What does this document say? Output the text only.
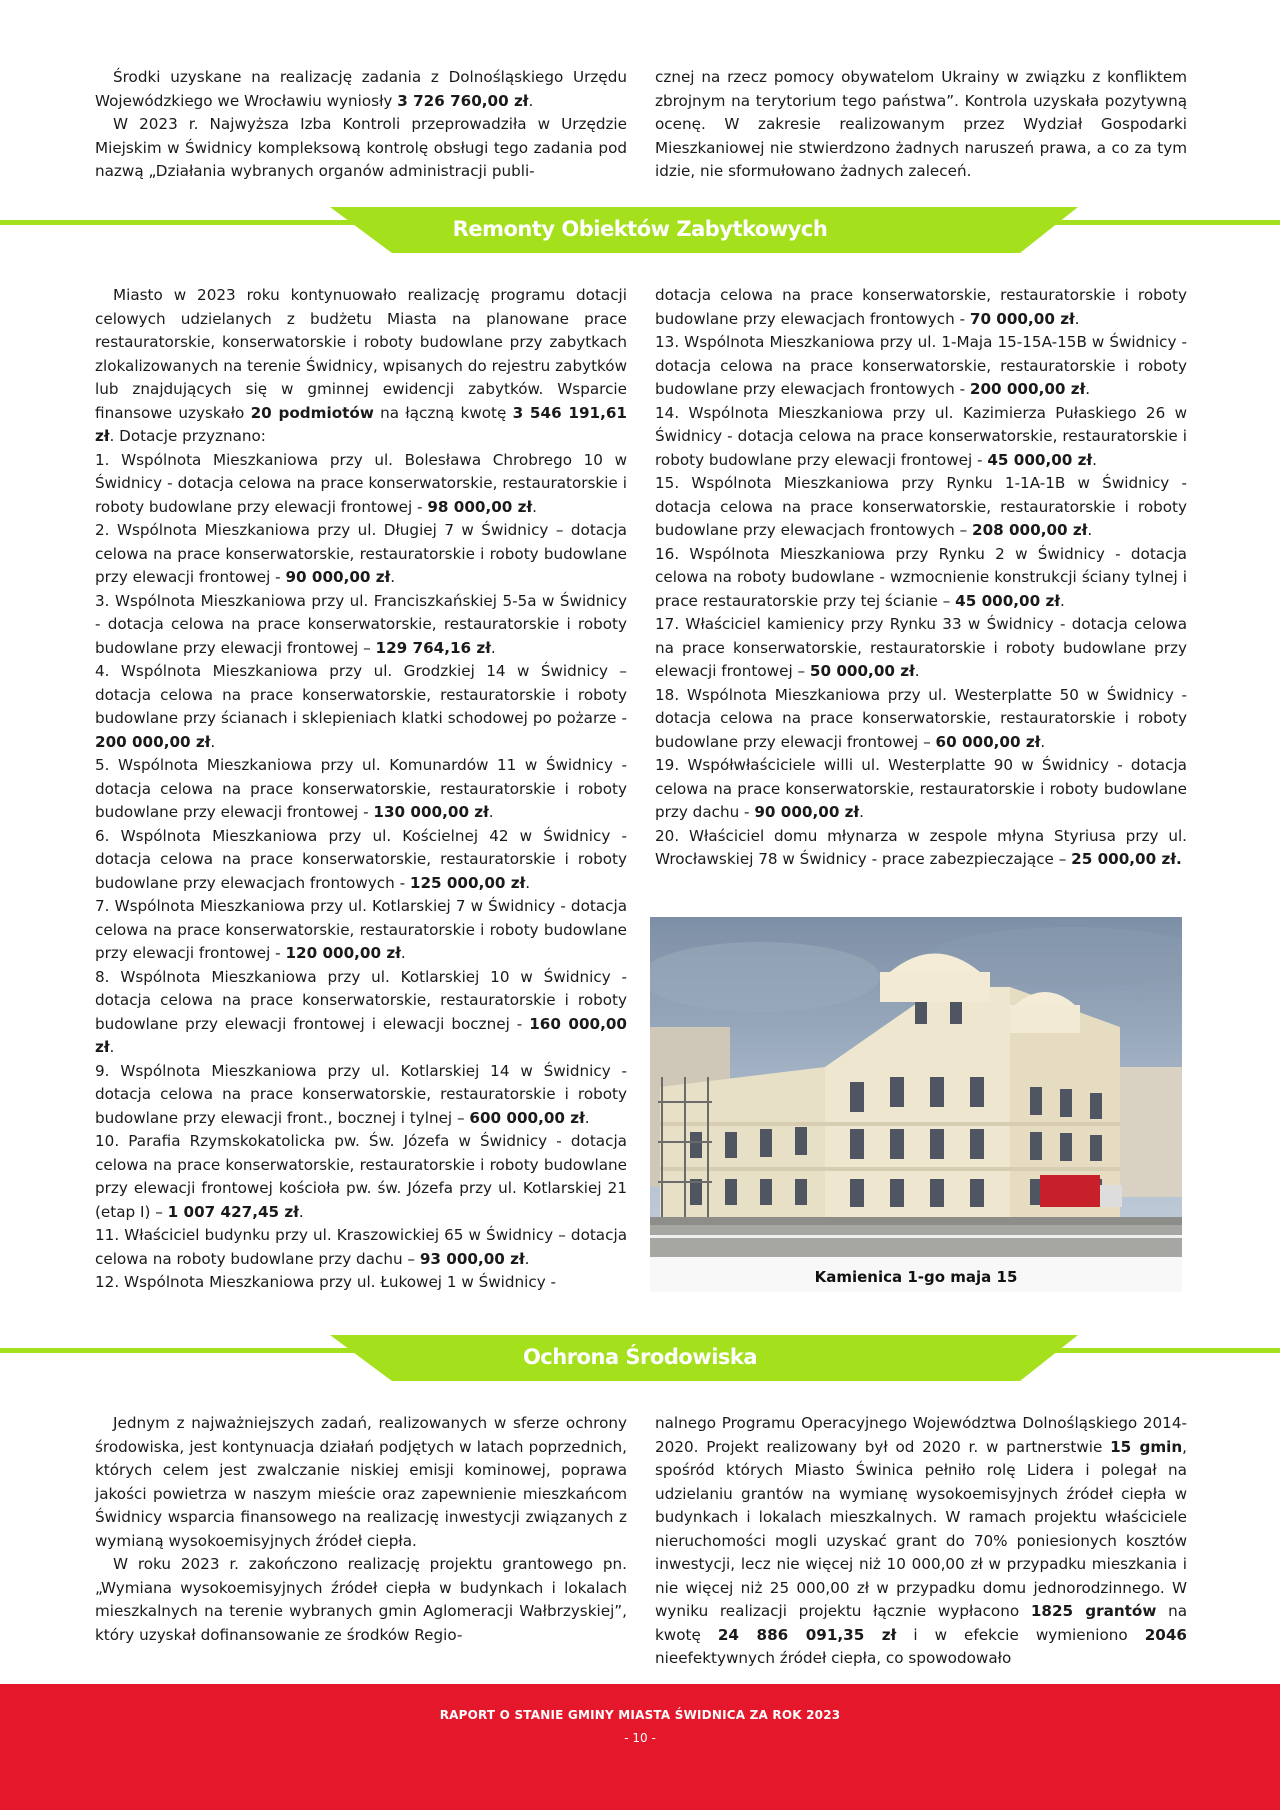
Środki uzyskane na realizację zadania z Dolnośląskiego Urzędu Wojewódzkiego we Wrocławiu wyniosły 3 726 760,00 zł.

W 2023 r. Najwyższa Izba Kontroli przeprowadziła w Urzędzie Miejskim w Świdnicy kompleksową kontrolę obsługi tego zadania pod nazwą „Działania wybranych organów administracji publi-

cznej na rzecz pomocy obywatelom Ukrainy w związku z konfliktem zbrojnym na terytorium tego państwa”. Kontrola uzyskała pozytywną ocenę. W zakresie realizowanym przez Wydział Gospodarki Mieszkaniowej nie stwierdzono żadnych naruszeń prawa, a co za tym idzie, nie sformułowano żadnych zaleceń.

Remonty Obiektów Zabytkowych

Miasto w 2023 roku kontynuowało realizację programu dotacji celowych udzielanych z budżetu Miasta na planowane prace restauratorskie, konserwatorskie i roboty budowlane przy zabytkach zlokalizowanych na terenie Świdnicy, wpisanych do rejestru zabytków lub znajdujących się w gminnej ewidencji zabytków. Wsparcie finansowe uzyskało 20 podmiotów na łączną kwotę 3 546 191,61 zł. Dotacje przyznano:

1. Wspólnota Mieszkaniowa przy ul. Bolesława Chrobrego 10 w Świdnicy - dotacja celowa na prace konserwatorskie, restauratorskie i roboty budowlane przy elewacji frontowej - 98 000,00 zł.

2. Wspólnota Mieszkaniowa przy ul. Długiej 7 w Świdnicy – dotacja celowa na prace konserwatorskie, restauratorskie i roboty budowlane przy elewacji frontowej - 90 000,00 zł.

3. Wspólnota Mieszkaniowa przy ul. Franciszkańskiej 5-5a w Świdnicy - dotacja celowa na prace konserwatorskie, restauratorskie i roboty budowlane przy elewacji frontowej – 129 764,16 zł.

4. Wspólnota Mieszkaniowa przy ul. Grodzkiej 14 w Świdnicy – dotacja celowa na prace konserwatorskie, restauratorskie i roboty budowlane przy ścianach i sklepieniach klatki schodowej po pożarze - 200 000,00 zł.

5. Wspólnota Mieszkaniowa przy ul. Komunardów 11 w Świdnicy - dotacja celowa na prace konserwatorskie, restauratorskie i roboty budowlane przy elewacji frontowej - 130 000,00 zł.

6. Wspólnota Mieszkaniowa przy ul. Kościelnej 42 w Świdnicy - dotacja celowa na prace konserwatorskie, restauratorskie i roboty budowlane przy elewacjach frontowych - 125 000,00 zł.

7. Wspólnota Mieszkaniowa przy ul. Kotlarskiej 7 w Świdnicy - dotacja celowa na prace konserwatorskie, restauratorskie i roboty budowlane przy elewacji frontowej - 120 000,00 zł.

8. Wspólnota Mieszkaniowa przy ul. Kotlarskiej 10 w Świdnicy - dotacja celowa na prace konserwatorskie, restauratorskie i roboty budowlane przy elewacji frontowej i elewacji bocznej - 160 000,00 zł.

9. Wspólnota Mieszkaniowa przy ul. Kotlarskiej 14 w Świdnicy - dotacja celowa na prace konserwatorskie, restauratorskie i roboty budowlane przy elewacji front., bocznej i tylnej – 600 000,00 zł.

10. Parafia Rzymskokatolicka pw. Św. Józefa w Świdnicy - dotacja celowa na prace konserwatorskie, restauratorskie i roboty budowlane przy elewacji frontowej kościoła pw. św. Józefa przy ul. Kotlarskiej 21 (etap I) – 1 007 427,45 zł.

11. Właściciel budynku przy ul. Kraszowickiej 65 w Świdnicy – dotacja celowa na roboty budowlane przy dachu – 93 000,00 zł.

12. Wspólnota Mieszkaniowa przy ul. Łukowej 1 w Świdnicy -

dotacja celowa na prace konserwatorskie, restauratorskie i roboty budowlane przy elewacjach frontowych - 70 000,00 zł.

13. Wspólnota Mieszkaniowa przy ul. 1-Maja 15-15A-15B w Świdnicy - dotacja celowa na prace konserwatorskie, restauratorskie i roboty budowlane przy elewacjach frontowych - 200 000,00 zł.

14. Wspólnota Mieszkaniowa przy ul. Kazimierza Pułaskiego 26 w Świdnicy - dotacja celowa na prace konserwatorskie, restauratorskie i roboty budowlane przy elewacji frontowej - 45 000,00 zł.

15. Wspólnota Mieszkaniowa przy Rynku 1-1A-1B w Świdnicy - dotacja celowa na prace konserwatorskie, restauratorskie i roboty budowlane przy elewacjach frontowych – 208 000,00 zł.

16. Wspólnota Mieszkaniowa przy Rynku 2 w Świdnicy - dotacja celowa na roboty budowlane - wzmocnienie konstrukcji ściany tylnej i prace restauratorskie przy tej ścianie – 45 000,00 zł.

17. Właściciel kamienicy przy Rynku 33 w Świdnicy - dotacja celowa na prace konserwatorskie, restauratorskie i roboty budowlane przy elewacji frontowej – 50 000,00 zł.

18. Wspólnota Mieszkaniowa przy ul. Westerplatte 50 w Świdnicy - dotacja celowa na prace konserwatorskie, restauratorskie i roboty budowlane przy elewacji frontowej – 60 000,00 zł.

19. Współwłaściciele willi ul. Westerplatte 90 w Świdnicy - dotacja celowa na prace konserwatorskie, restauratorskie i roboty budowlane przy dachu - 90 000,00 zł.

20. Właściciel domu młynarza w zespole młyna Styriusa przy ul. Wrocławskiej 78 w Świdnicy - prace zabezpieczające – 25 000,00 zł.

Kamienica 1-go maja 15
Ochrona Środowiska

Jednym z najważniejszych zadań, realizowanych w sferze ochrony środowiska, jest kontynuacja działań podjętych w latach poprzednich, których celem jest zwalczanie niskiej emisji kominowej, poprawa jakości powietrza w naszym mieście oraz zapewnienie mieszkańcom Świdnicy wsparcia finansowego na realizację inwestycji związanych z wymianą wysokoemisyjnych źródeł ciepła.

W roku 2023 r. zakończono realizację projektu grantowego pn. „Wymiana wysokoemisyjnych źródeł ciepła w budynkach i lokalach mieszkalnych na terenie wybranych gmin Aglomeracji Wałbrzyskiej”, który uzyskał dofinansowanie ze środków Regio-

nalnego Programu Operacyjnego Województwa Dolnośląskiego 2014-2020. Projekt realizowany był od 2020 r. w partnerstwie 15 gmin, spośród których Miasto Świnica pełniło rolę Lidera i polegał na udzielaniu grantów na wymianę wysokoemisyjnych źródeł ciepła w budynkach i lokalach mieszkalnych. W ramach projektu właściciele nieruchomości mogli uzyskać grant do 70% poniesionych kosztów inwestycji, lecz nie więcej niż 10 000,00 zł w przypadku mieszkania i nie więcej niż 25 000,00 zł w przypadku domu jednorodzinnego. W wyniku realizacji projektu łącznie wypłacono 1825 grantów na kwotę 24 886 091,35 zł i w efekcie wymieniono 2046 nieefektywnych źródeł ciepła, co spowodowało

RAPORT O STANIE GMINY MIASTA ŚWIDNICA ZA ROK 2023
- 10 -
